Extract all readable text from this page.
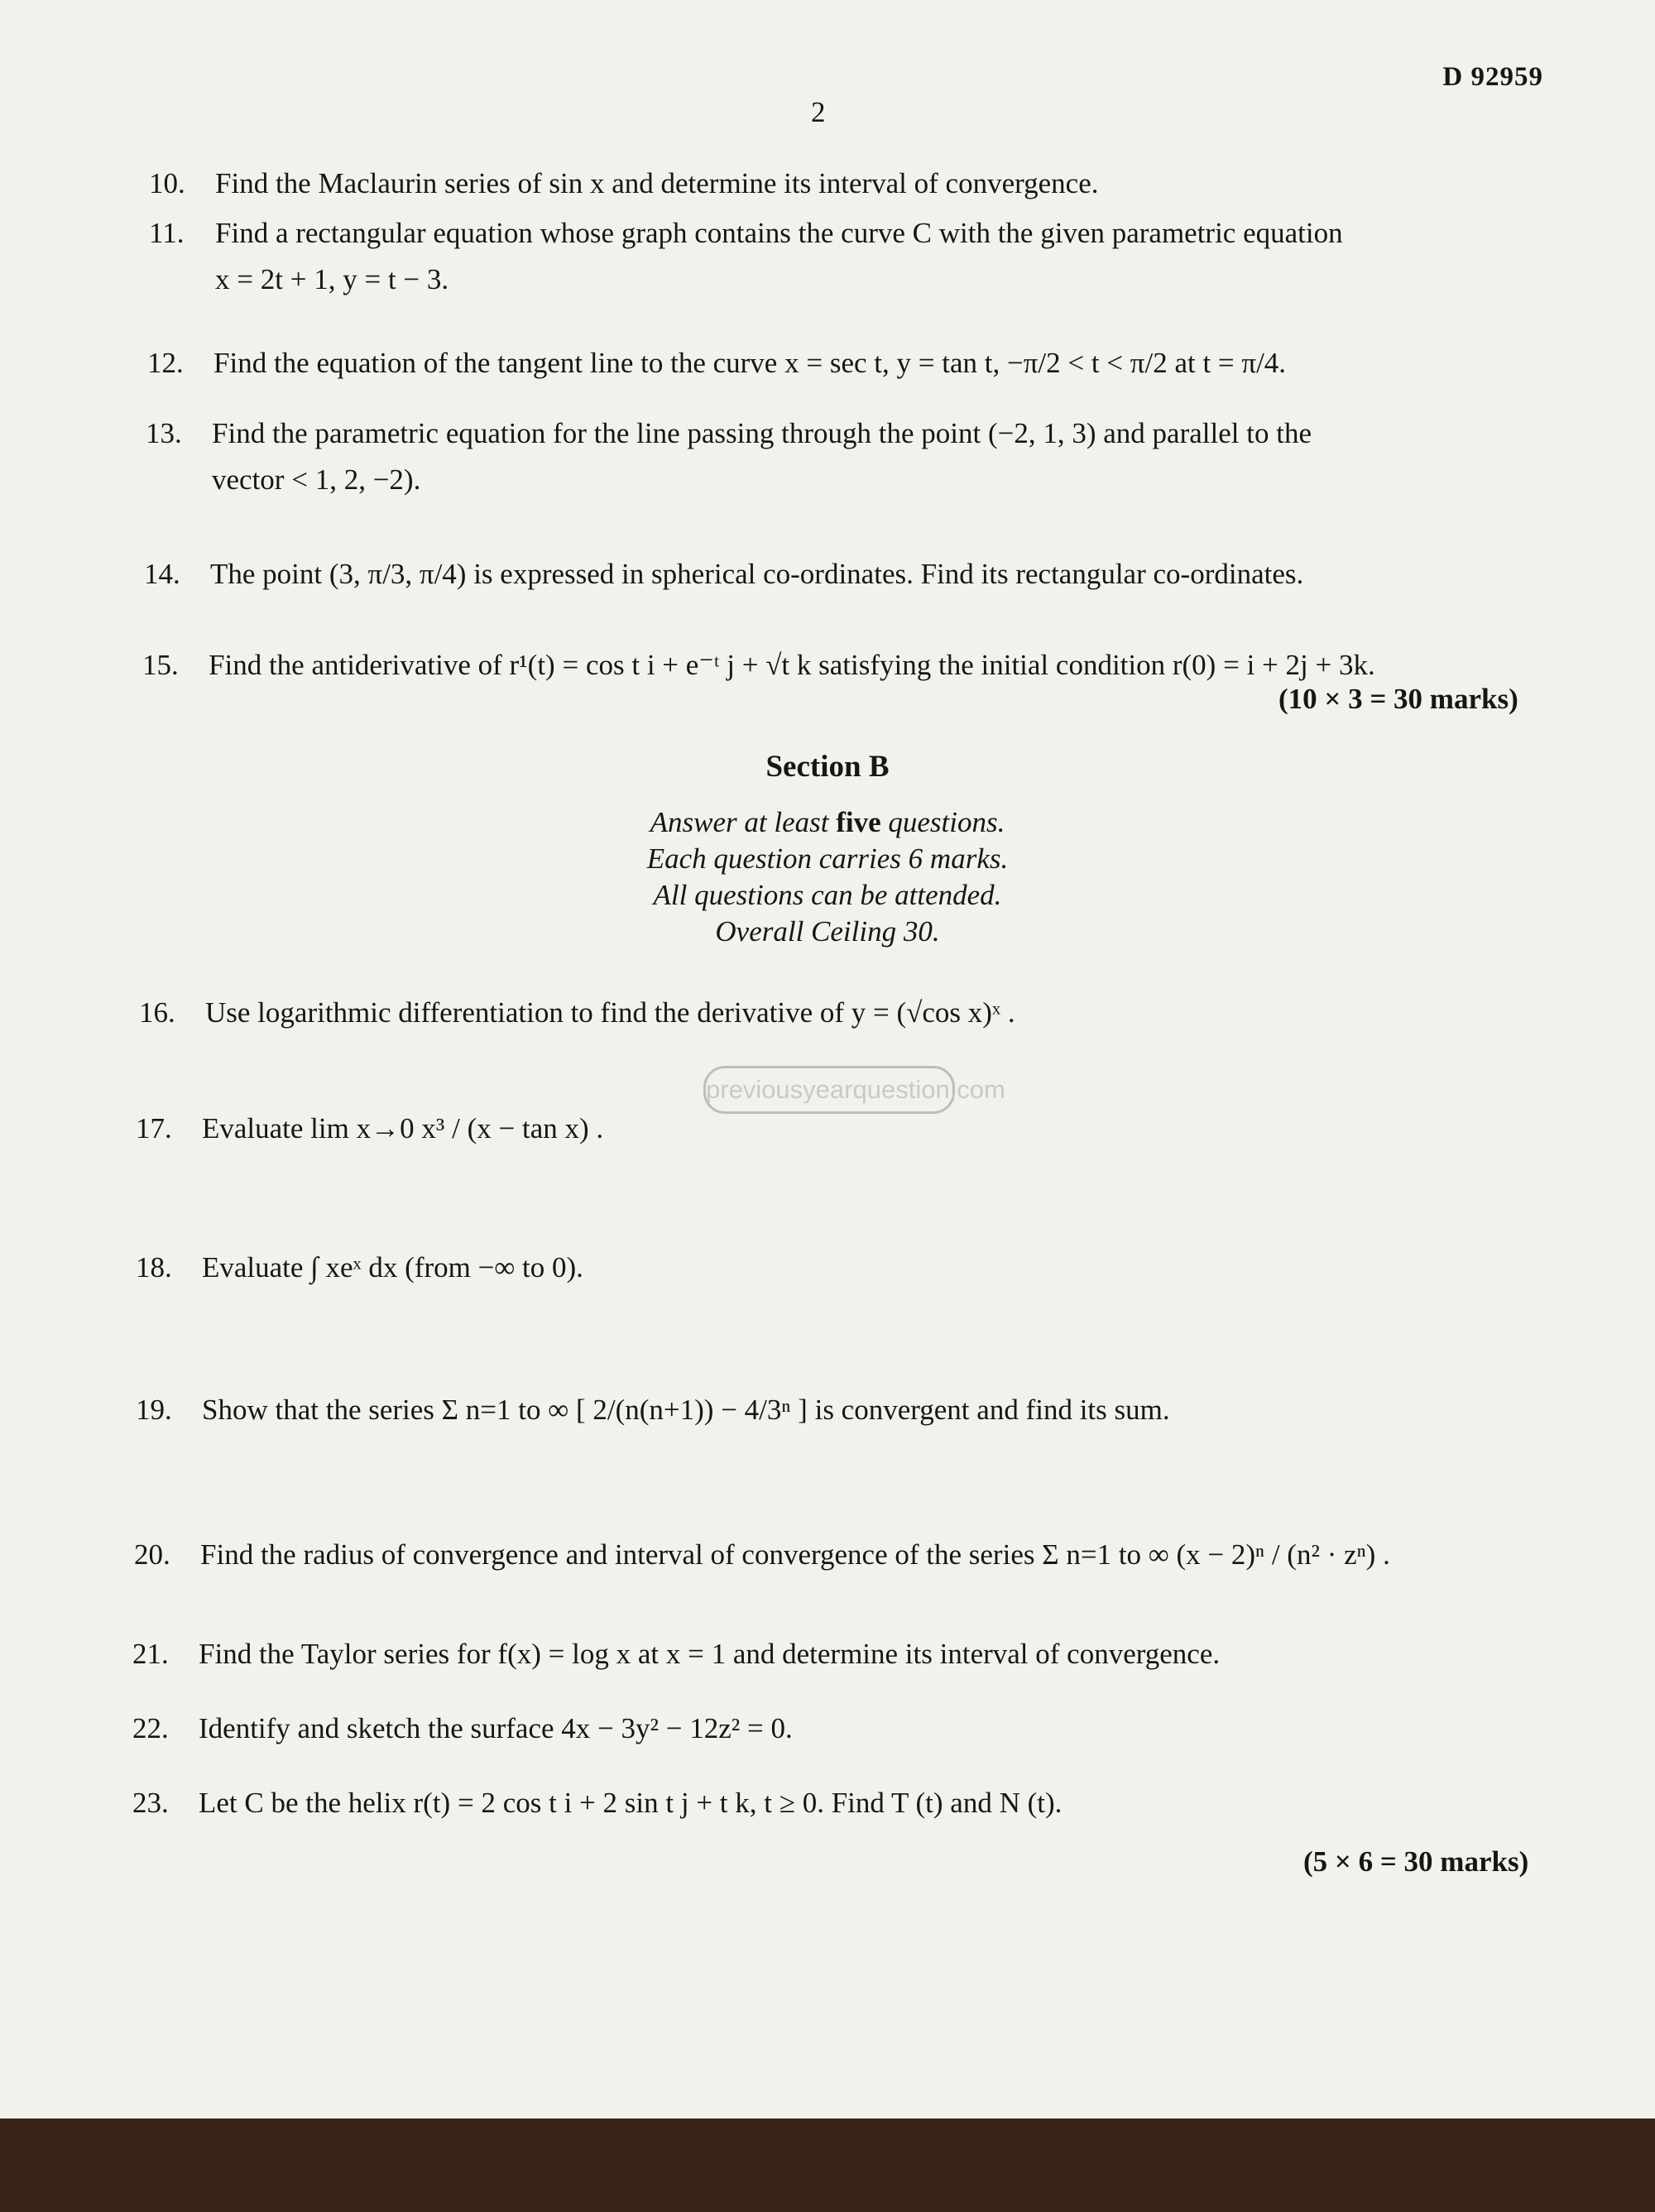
D 92959
2
10. Find the Maclaurin series of sin x and determine its interval of convergence.
11. Find a rectangular equation whose graph contains the curve C with the given parametric equation
x = 2t + 1, y = t − 3.
12. Find the equation of the tangent line to the curve x = sec t, y = tan t, −π/2 < t < π/2 at t = π/4.
13. Find the parametric equation for the line passing through the point (−2, 1, 3) and parallel to the
vector < 1, 2, −2).
14. The point (3, π/3, π/4) is expressed in spherical co-ordinates. Find its rectangular co-ordinates.
15. Find the antiderivative of r¹(t) = cos t i + e⁻ᵗ j + √t k satisfying the initial condition r(0) = i + 2j + 3k.
(10 × 3 = 30 marks)
Section B
Answer at least five questions.
Each question carries 6 marks.
All questions can be attended.
Overall Ceiling 30.
16. Use logarithmic differentiation to find the derivative of y = (√cos x)ˣ .
17. Evaluate lim x→0 x³ / (x − tan x) .
18. Evaluate ∫ xeˣ dx (from −∞ to 0).
19. Show that the series Σ n=1 to ∞ [ 2/(n(n+1)) − 4/3ⁿ ] is convergent and find its sum.
20. Find the radius of convergence and interval of convergence of the series Σ n=1 to ∞ (x − 2)ⁿ / (n² · zⁿ) .
21. Find the Taylor series for f(x) = log x at x = 1 and determine its interval of convergence.
22. Identify and sketch the surface 4x − 3y² − 12z² = 0.
23. Let C be the helix r(t) = 2 cos t i + 2 sin t j + t k, t ≥ 0. Find T (t) and N (t).
(5 × 6 = 30 marks)
previousyearquestion.com
